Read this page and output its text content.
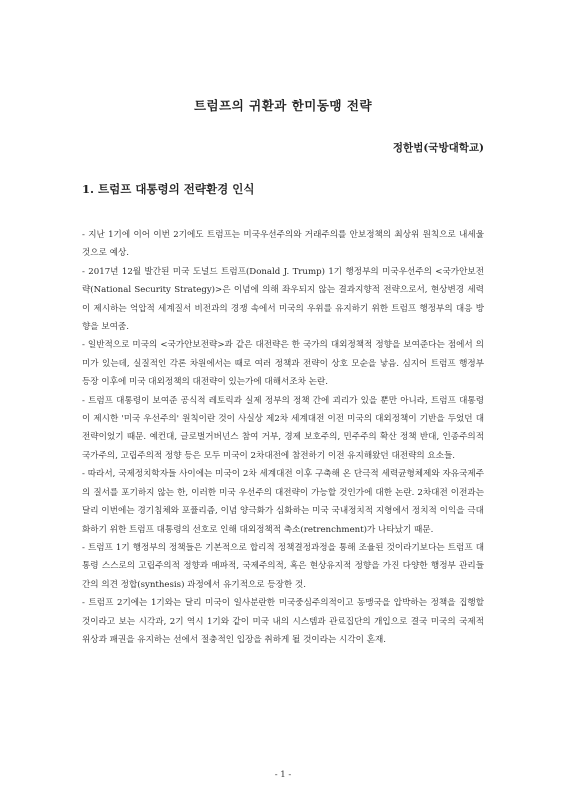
트럼프의 귀환과 한미동맹 전략

정한범(국방대학교)

1. 트럼프 대통령의 전략환경 인식
- 지난 1기에 이어 이번 2기에도 트럼프는 미국우선주의와 거래주의를 안보정책의 최상위 원칙으로 내세울 것으로 예상.
- 2017년 12월 발간된 미국 도널드 트럼프(Donald J. Trump) 1기 행정부의 미국우선주의 <국가안보전략(National Security Strategy)>은 이념에 의해 좌우되지 않는 결과지향적 전략으로서, 현상변경 세력이 제시하는 억압적 세계질서 비전과의 경쟁 속에서 미국의 우위를 유지하기 위한 트럼프 행정부의 대응 방향을 보여줌.
- 일반적으로 미국의 <국가안보전략>과 같은 대전략은 한 국가의 대외정책적 정향을 보여준다는 점에서 의미가 있는데, 실질적인 각론 차원에서는 때로 여러 정책과 전략이 상호 모순을 낳음. 심지어 트럼프 행정부 등장 이후에 미국 대외정책의 대전략이 있는가에 대해서조차 논란.
- 트럼프 대통령이 보여준 공식적 레토릭과 실제 정부의 정책 간에 괴리가 있을 뿐만 아니라, 트럼프 대통령이 제시한 '미국 우선주의' 원칙이란 것이 사실상 제2차 세계대전 이전 미국의 대외정책이 기반을 두었던 대전략이었기 때문. 예컨대, 글로벌거버넌스 참여 거부, 경제 보호주의, 민주주의 확산 정책 반대, 인종주의적 국가주의, 고립주의적 정향 등은 모두 미국이 2차대전에 참전하기 이전 유지해왔던 대전략의 요소들.
- 따라서, 국제정치학자들 사이에는 미국이 2차 세계대전 이후 구축해 온 단극적 세력균형체제와 자유국제주의 질서를 포기하지 않는 한, 이러한 미국 우선주의 대전략이 가능할 것인가에 대한 논란. 2차대전 이전과는 달리 이번에는 경기침체와 포퓰리즘, 이념 양극화가 심화하는 미국 국내정치적 지형에서 정치적 이익을 극대화하기 위한 트럼프 대통령의 선호로 인해 대외정책적 축소(retrenchment)가 나타났기 때문.
- 트럼프 1기 행정부의 정책들은 기본적으로 합리적 정책결정과정을 통해 조율된 것이라기보다는 트럼프 대통령 스스로의 고립주의적 정향과 매파적, 국제주의적, 혹은 현상유지적 정향을 가진 다양한 행정부 관리들 간의 의견 정합(synthesis) 과정에서 유기적으로 등장한 것.
- 트럼프 2기에는 1기와는 달리 미국이 일사분란한 미국중심주의적이고 동맹국을 압박하는 정책을 집행할 것이라고 보는 시각과, 2기 역시 1기와 같이 미국 내의 시스템과 관료집단의 개입으로 결국 미국의 국제적 위상과 패권을 유지하는 선에서 절충적인 입장을 취하게 될 것이라는 시각이 혼재.

- 1 -
